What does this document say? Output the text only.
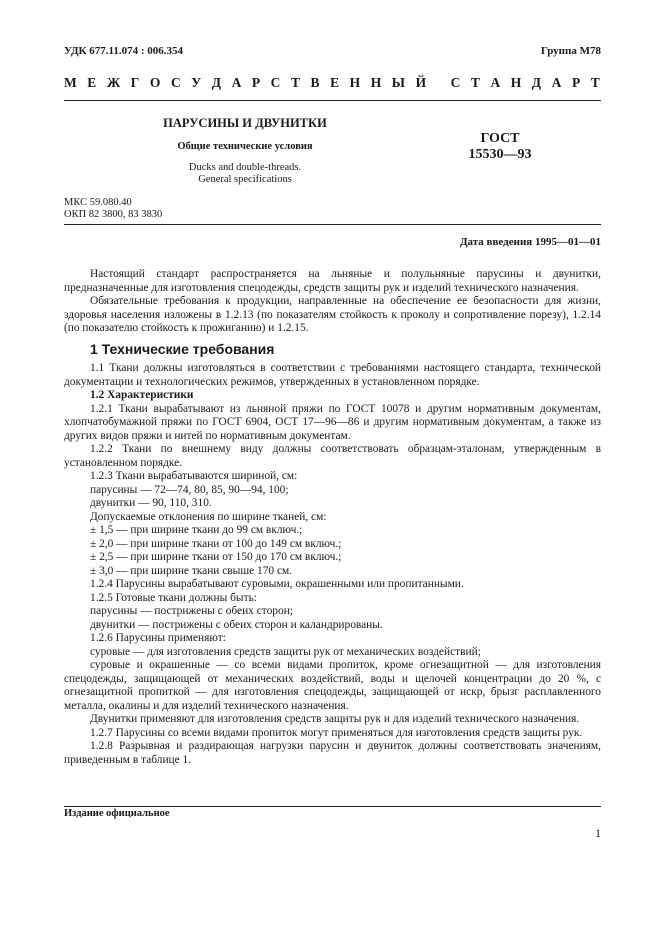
УДК 677.11.074 : 006.354	Группа М78
М Е Ж Г О С У Д А Р С Т В Е Н Н Ы Й
С Т А Н Д А Р Т
ПАРУСИНЫ И ДВУНИТКИ
Общие технические условия
Ducks and double-threads.
General specifications
ГОСТ
15530—93
МКС 59.080.40
ОКП 82 3800, 83 3830
Дата введения 1995—01—01

Настоящий стандарт распространяется на льняные и полульняные парусины и двунитки, предназначенные для изготовления спецодежды, средств защиты рук и изделий технического назначения.

Обязательные требования к продукции, направленные на обеспечение ее безопасности для жизни, здоровья населения изложены в 1.2.13 (по показателям стойкость к проколу и сопротивление порезу), 1.2.14 (по показателю стойкость к прожиганию) и 1.2.15.

1 Технические требования

1.1 Ткани должны изготовляться в соответствии с требованиями настоящего стандарта, технической документации и технологических режимов, утвержденных в установленном порядке.

1.2 Характеристики

1.2.1 Ткани вырабатывают из льняной пряжи по ГОСТ 10078 и другим нормативным документам, хлопчатобумажной пряжи по ГОСТ 6904, ОСТ 17—96—86 и другим нормативным документам, а также из других видов пряжи и нитей по нормативным документам.

1.2.2 Ткани по внешнему виду должны соответствовать образцам-эталонам, утвержденным в установленном порядке.

1.2.3 Ткани вырабатываются шириной, см:

парусины — 72—74, 80, 85, 90—94, 100;

двунитки — 90, 110, 310.

Допускаемые отклонения по ширине тканей, см:

± 1,5 — при ширине ткани до 99 см включ.;

± 2,0 — при ширине ткани от 100 до 149 см включ.;

± 2,5 — при ширине ткани от 150 до 170 см включ.;

± 3,0 — при ширине ткани свыше 170 см.

1.2.4 Парусины вырабатывают суровыми, окрашенными или пропитанными.

1.2.5 Готовые ткани должны быть:

парусины — пострижены с обеих сторон;

двунитки — пострижены с обеих сторон и каландрированы.

1.2.6 Парусины применяют:

суровые — для изготовления средств защиты рук от механических воздействий;

суровые и окрашенные — со всеми видами пропиток, кроме огнезащитной — для изготовления спецодежды, защищающей от механических воздействий, воды и щелочей концентрации до 20 %, с огнезащитной пропиткой — для изготовления спецодежды, защищающей от искр, брызг расплавленного металла, окалины и для изделий технического назначения.

Двунитки применяют для изготовления средств защиты рук и для изделий технического назначения.

1.2.7 Парусины со всеми видами пропиток могут применяться для изготовления средств защиты рук.

1.2.8 Разрывная и раздирающая нагрузки парусин и двуниток должны соответствовать значениям, приведенным в таблице 1.

Издание официальное
1
